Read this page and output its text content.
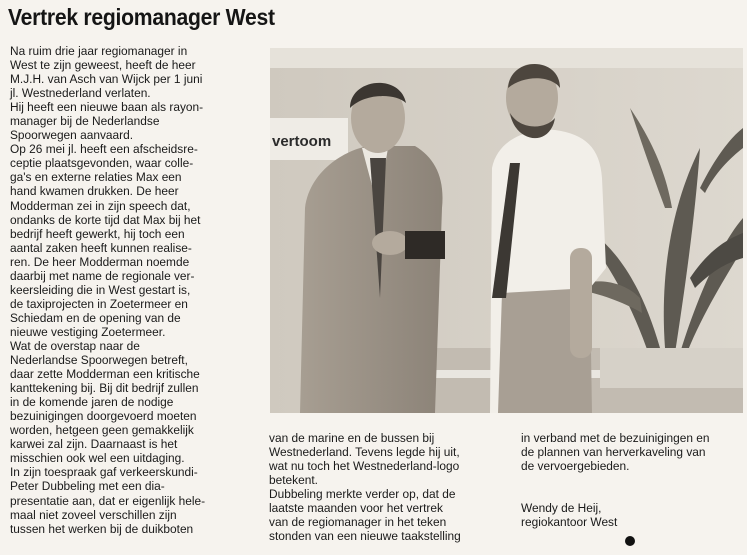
Vertrek regiomanager West
Na ruim drie jaar regiomanager in
West te zijn geweest, heeft de heer
M.J.H. van Asch van Wijck per 1 juni
jl. Westnederland verlaten.
Hij heeft een nieuwe baan als rayon-
manager bij de Nederlandse
Spoorwegen aanvaard.
Op 26 mei jl. heeft een afscheidsre-
ceptie plaatsgevonden, waar colle-
ga's en externe relaties Max een
hand kwamen drukken. De heer
Modderman zei in zijn speech dat,
ondanks de korte tijd dat Max bij het
bedrijf heeft gewerkt, hij toch een
aantal zaken heeft kunnen realise-
ren. De heer Modderman noemde
daarbij met name de regionale ver-
keersleiding die in West gestart is,
de taxiprojecten in Zoetermeer en
Schiedam en de opening van de
nieuwe vestiging Zoetermeer.
Wat de overstap naar de
Nederlandse Spoorwegen betreft,
daar zette Modderman een kritische
kanttekening bij. Bij dit bedrijf zullen
in de komende jaren de nodige
bezuinigingen doorgevoerd moeten
worden, hetgeen geen gemakkelijk
karwei zal zijn. Daarnaast is het
misschien ook wel een uitdaging.
In zijn toespraak gaf verkeerskundi-
Peter Dubbeling met een dia-
presentatie aan, dat er eigenlijk hele-
maal niet zoveel verschillen zijn
tussen het werken bij de duikboten
vertoom
van de marine en de bussen bij
Westnederland. Tevens legde hij uit,
wat nu toch het Westnederland-logo
betekent.
Dubbeling merkte verder op, dat de
laatste maanden voor het vertrek
van de regiomanager in het teken
stonden van een nieuwe taakstelling
in verband met de bezuinigingen en
de plannen van herverkaveling van
de vervoergebieden.
Wendy de Heij,
regiokantoor West
